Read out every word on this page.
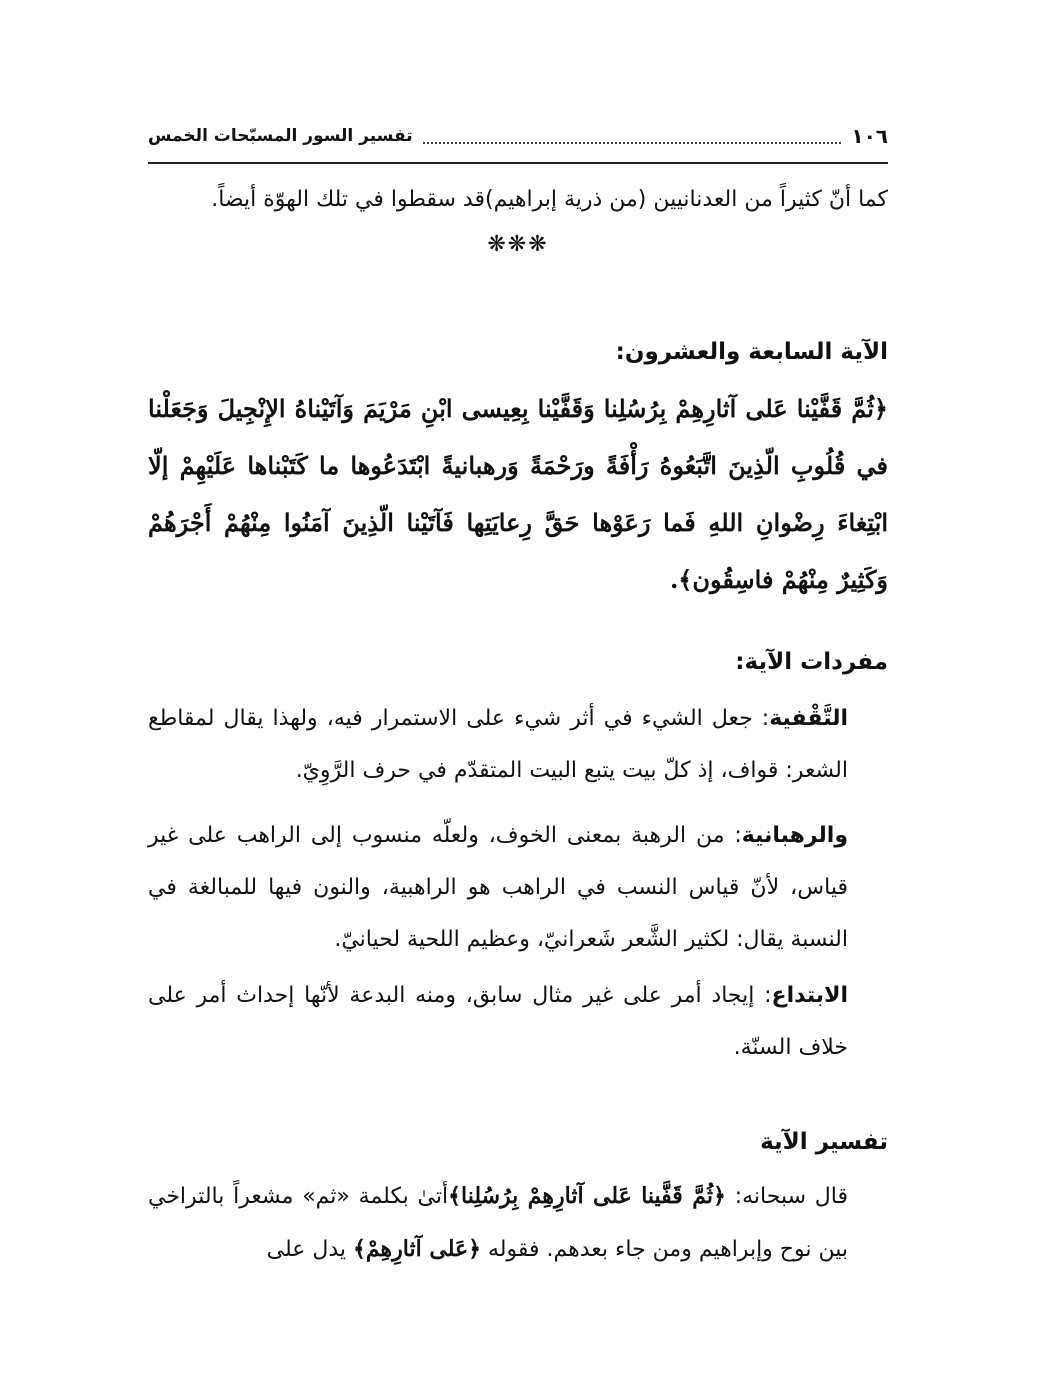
١٠٦
تفسير السور المسبّحات الخمس
كما أنّ كثيراً من العدنانيين (من ذرية إبراهيم)قد سقطوا في تلك الهوّة أيضاً.
❋❋❋
الآية السابعة والعشرون:
﴿ثُمَّ قَفَّيْنا عَلى آثارِهِمْ بِرُسُلِنا وَقَفَّيْنا بِعِيسى ابْنِ مَرْيَمَ وَآتَيْناهُ الإِنْجِيلَ وَجَعَلْنا في قُلُوبِ الّذِينَ اتَّبَعُوهُ رَأْفَةً ورَحْمَةً وَرهبانيةً ابْتَدَعُوها ما كَتَبْناها عَلَيْهِمْ إلّا ابْتِغاءَ رِضْوانِ اللهِ فَما رَعَوْها حَقَّ رِعايَتِها فَآتَيْنا الّذِينَ آمَنُوا مِنْهُمْ أَجْرَهُمْ وَكَثِيرٌ مِنْهُمْ فاسِقُون﴾.
مفردات الآية:
التَّقْفية: جعل الشيء في أثر شيء على الاستمرار فيه، ولهذا يقال لمقاطع الشعر: قواف، إذ كلّ بيت يتبع البيت المتقدّم في حرف الرَّوِيّ.
والرهبانية: من الرهبة بمعنى الخوف، ولعلّه منسوب إلى الراهب على غير قياس، لأنّ قياس النسب في الراهب هو الراهبية، والنون فيها للمبالغة في النسبة يقال: لكثير الشَّعر شَعرانيّ، وعظيم اللحية لحيانيّ.
الابتداع: إيجاد أمر على غير مثال سابق، ومنه البدعة لأنّها إحداث أمر على خلاف السنّة.
تفسير الآية
قال سبحانه: ﴿ثُمَّ قَفَّينا عَلى آثارِهِمْ بِرُسُلِنا﴾أتىٰ بكلمة «ثم» مشعراً بالتراخي بين نوح وإبراهيم ومن جاء بعدهم. فقوله ﴿عَلى آثارِهِمْ﴾ يدل على
